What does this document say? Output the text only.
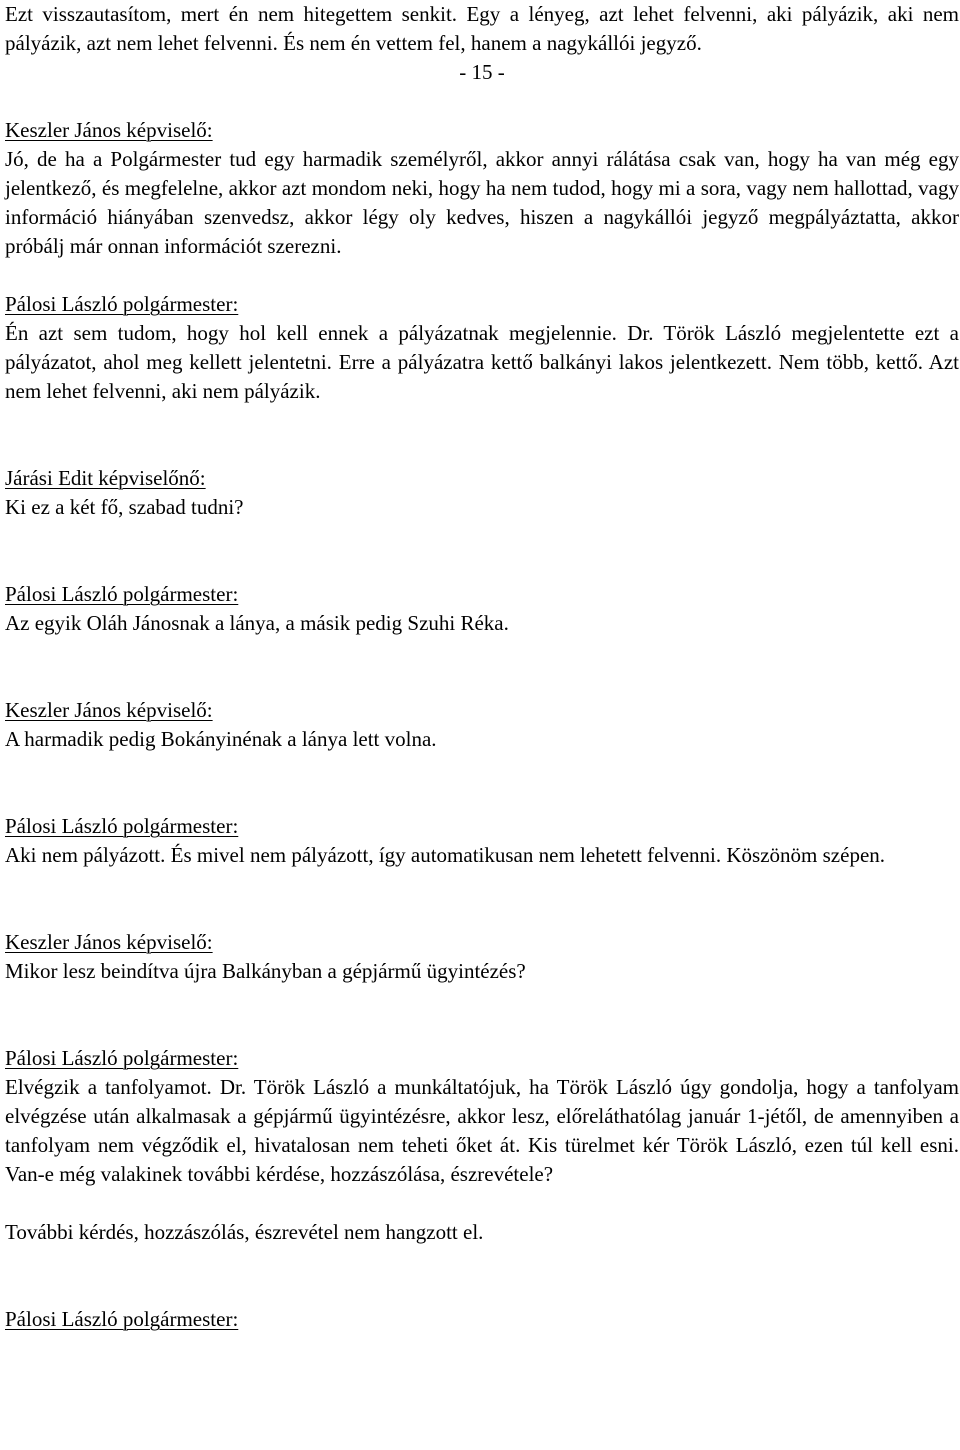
Ezt visszautasítom, mert én nem hitegettem senkit. Egy a lényeg, azt lehet felvenni, aki pályázik, aki nem pályázik, azt nem lehet felvenni. És nem én vettem fel, hanem a nagykállói jegyző.

- 15 -

Keszler János képviselő:

Jó, de ha a Polgármester tud egy harmadik személyről, akkor annyi rálátása csak van, hogy ha van még egy jelentkező, és megfelelne, akkor azt mondom neki, hogy ha nem tudod, hogy mi a sora, vagy nem hallottad, vagy információ hiányában szenvedsz, akkor légy oly kedves, hiszen a nagykállói jegyző megpályáztatta, akkor próbálj már onnan információt szerezni.

Pálosi László polgármester:

Én azt sem tudom, hogy hol kell ennek a pályázatnak megjelennie. Dr. Török László megjelentette ezt a pályázatot, ahol meg kellett jelentetni. Erre a pályázatra kettő balkányi lakos jelentkezett. Nem több, kettő. Azt nem lehet felvenni, aki nem pályázik.

Járási Edit képviselőnő:

Ki ez a két fő, szabad tudni?

Pálosi László polgármester:

Az egyik Oláh Jánosnak a lánya, a másik pedig Szuhi Réka.

Keszler János képviselő:

A harmadik pedig Bokányinénak a lánya lett volna.

Pálosi László polgármester:

Aki nem pályázott. És mivel nem pályázott, így automatikusan nem lehetett felvenni. Köszönöm szépen.

Keszler János képviselő:

Mikor lesz beindítva újra Balkányban a gépjármű ügyintézés?

Pálosi László polgármester:

Elvégzik a tanfolyamot. Dr. Török László a munkáltatójuk, ha Török László úgy gondolja, hogy a tanfolyam elvégzése után alkalmasak a gépjármű ügyintézésre, akkor lesz, előreláthatólag január 1-jétől, de amennyiben a tanfolyam nem végződik el, hivatalosan nem teheti őket át. Kis türelmet kér Török László, ezen túl kell esni. Van-e még valakinek további kérdése, hozzászólása, észrevétele?

További kérdés, hozzászólás, észrevétel nem hangzott el.

Pálosi László polgármester:
